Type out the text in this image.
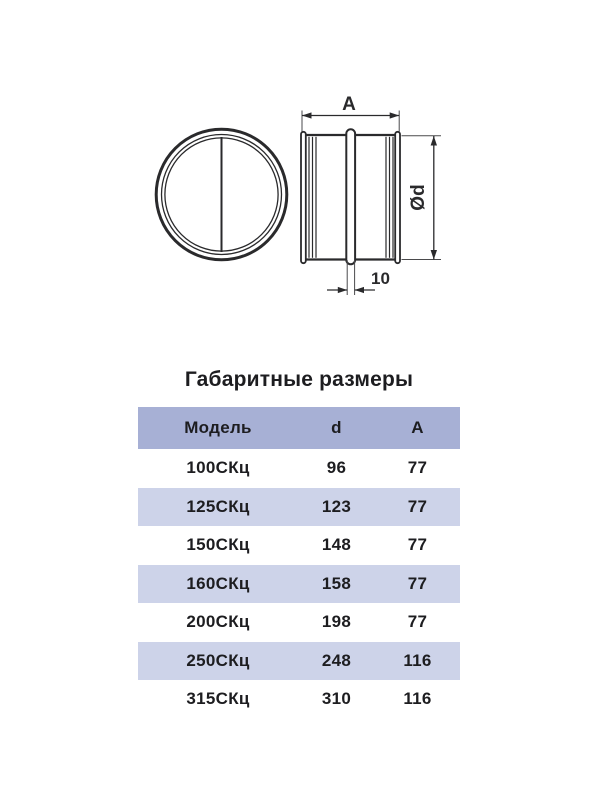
A
Ød
10
Габаритные размеры
Модель	d	A
100СКц	96	77
125СКц	123	77
150СКц	148	77
160СКц	158	77
200СКц	198	77
250СКц	248	116
315СКц	310	116
